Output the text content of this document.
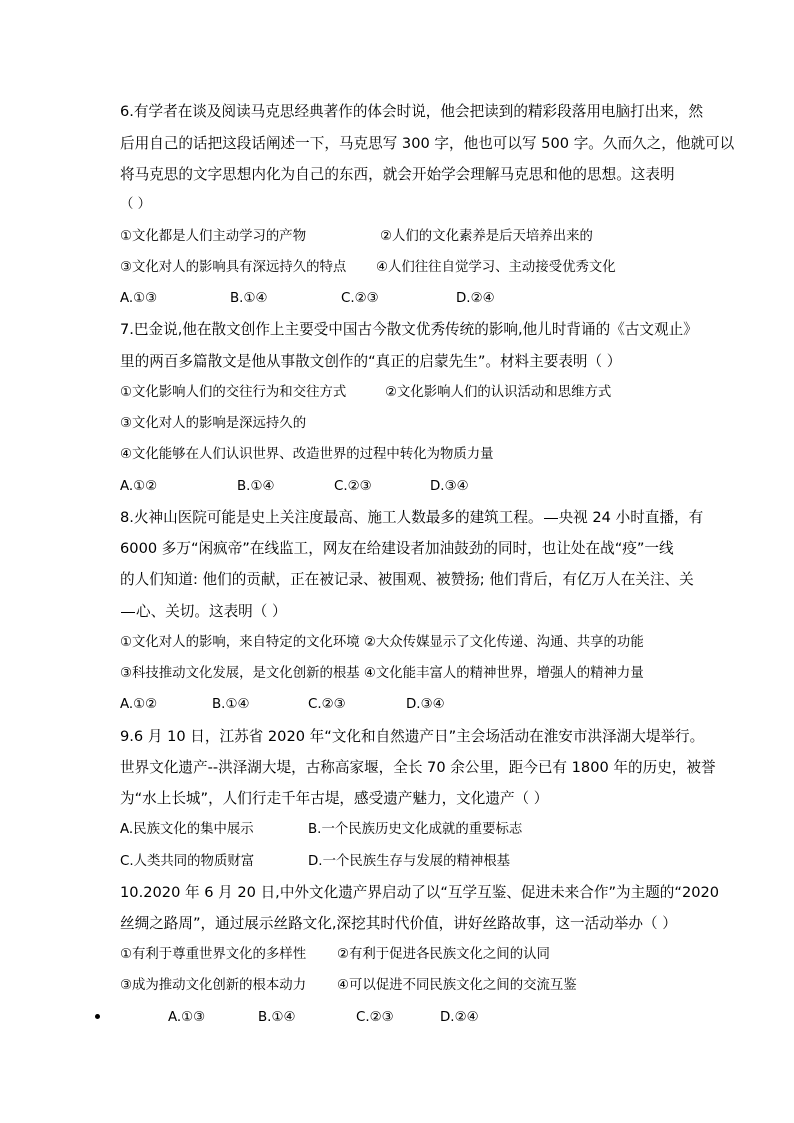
6.有学者在谈及阅读马克思经典著作的体会时说，他会把读到的精彩段落用电脑打出来，然
后用自己的话把这段话阐述一下，马克思写 300 字，他也可以写 500 字。久而久之，他就可以
将马克思的文字思想内化为自己的东西，就会开始学会理解马克思和他的思想。这表明
（ ）
①文化都是人们主动学习的产物	②人们的文化素养是后天培养出来的
③文化对人的影响具有深远持久的特点 ④人们往往自觉学习、主动接受优秀文化
A.①③	B.①④	C.②③	D.②④
7.巴金说,他在散文创作上主要受中国古今散文优秀传统的影响,他儿时背诵的《古文观止》
里的两百多篇散文是他从事散文创作的“真正的启蒙先生”。材料主要表明（ ）
①文化影响人们的交往行为和交往方式	②文化影响人们的认识活动和思维方式
③文化对人的影响是深远持久的
④文化能够在人们认识世界、改造世界的过程中转化为物质力量
A.①②	B.①④	C.②③	D.③④
8.火神山医院可能是史上关注度最高、施工人数最多的建筑工程。 央视 24 小时直播，有
6000 多万“闲疯帝”在线监工，网友在给建设者加油鼓劲的同时，也让处在战“疫”一线
的人们知道: 他们的贡献，正在被记录、被围观、被赞扬; 他们背后，有亿万人在关注、关
心、关切。这表明（ ）
①文化对人的影响，来自特定的文化环境 ②大众传媒显示了文化传递、沟通、共享的功能
③科技推动文化发展，是文化创新的根基 ④文化能丰富人的精神世界，增强人的精神力量
A.①②	B.①④	C.②③	D.③④
9.6 月 10 日，江苏省 2020 年“文化和自然遗产日”主会场活动在淮安市洪泽湖大堤举行。
世界文化遗产--洪泽湖大堤，古称高家堰，全长 70 余公里，距今已有 1800 年的历史，被誉
为“水上长城”，人们行走千年古堤，感受遗产魅力，文化遗产（ ）
A.民族文化的集中展示	B.一个民族历史文化成就的重要标志
C.人类共同的物质财富	D.一个民族生存与发展的精神根基
10.2020 年 6 月 20 日,中外文化遗产界启动了以“互学互鉴、促进未来合作”为主题的“2020
丝绸之路周”，通过展示丝路文化,深挖其时代价值，讲好丝路故事，这一活动举办（ ）
①有利于尊重世界文化的多样性 ②有利于促进各民族文化之间的认同
③成为推动文化创新的根本动力 ④可以促进不同民族文化之间的交流互鉴
A.①③	B.①④	C.②③	D.②④
